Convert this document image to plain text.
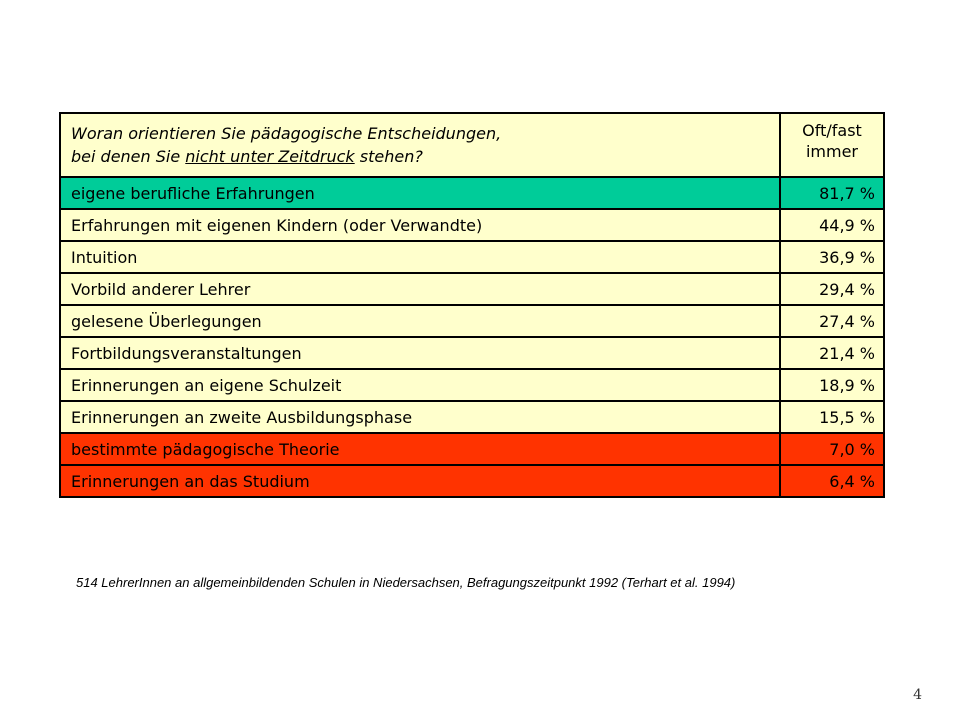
Woran orientieren Sie pädagogische Entscheidungen,
bei denen Sie nicht unter Zeitdruck stehen?	Oft/fast
immer
eigene berufliche Erfahrungen	81,7 %
Erfahrungen mit eigenen Kindern (oder Verwandte)	44,9 %
Intuition	36,9 %
Vorbild anderer Lehrer	29,4 %
gelesene Überlegungen	27,4 %
Fortbildungsveranstaltungen	21,4 %
Erinnerungen an eigene Schulzeit	18,9 %
Erinnerungen an zweite Ausbildungsphase	15,5 %
bestimmte pädagogische Theorie	7,0 %
Erinnerungen an das Studium	6,4 %
514 LehrerInnen an allgemeinbildenden Schulen in Niedersachsen, Befragungszeitpunkt 1992 (Terhart et al. 1994)
4
